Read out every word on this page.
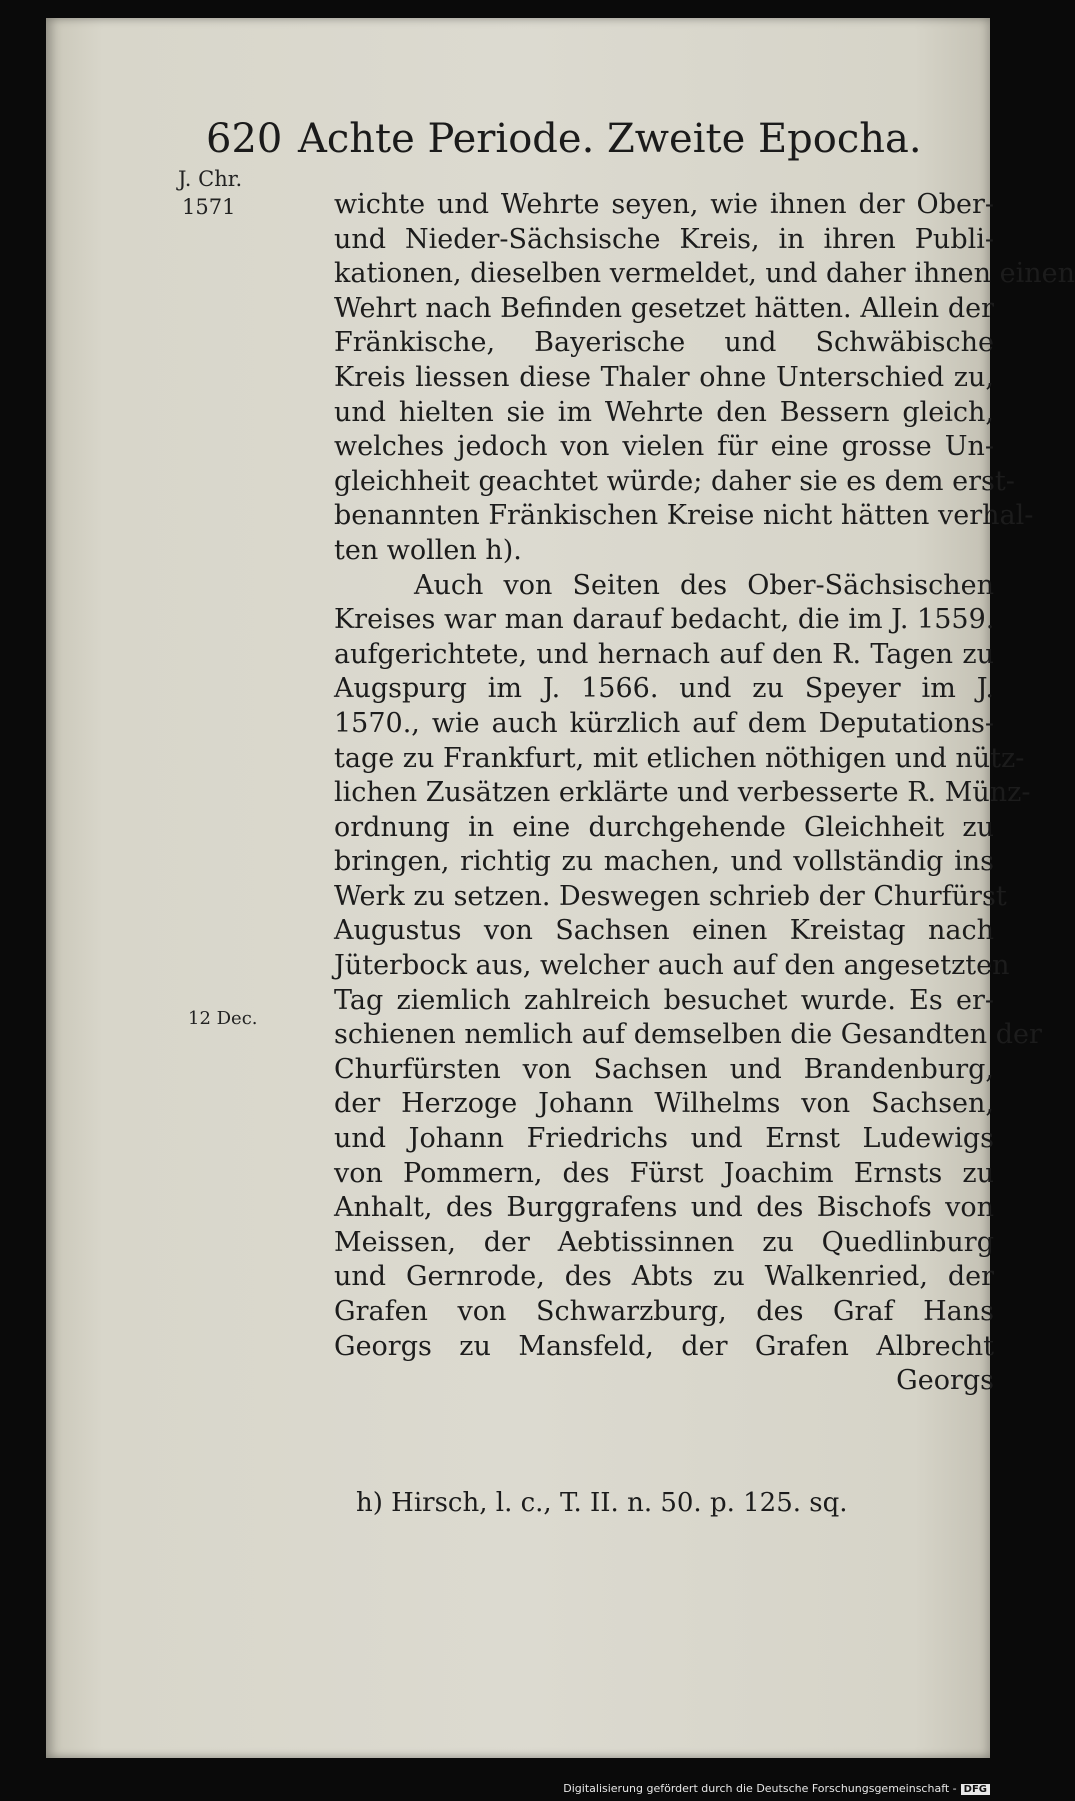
620 Achte Periode. Zweite Epocha.
J. Chr.
1571
12 Dec.
wichte und Wehrte seyen, wie ihnen der Ober-
und Nieder-Sächsische Kreis, in ihren Publi-
kationen, dieselben vermeldet, und daher ihnen einen
Wehrt nach Befinden gesetzet hätten. Allein der
Fränkische, Bayerische und Schwäbische
Kreis liessen diese Thaler ohne Unterschied zu,
und hielten sie im Wehrte den Bessern gleich,
welches jedoch von vielen für eine grosse Un-
gleichheit geachtet würde; daher sie es dem erst-
benannten Fränkischen Kreise nicht hätten verhal-
ten wollen h).
Auch von Seiten des Ober-Sächsischen
Kreises war man darauf bedacht, die im J. 1559.
aufgerichtete, und hernach auf den R. Tagen zu
Augspurg im J. 1566. und zu Speyer im J.
1570., wie auch kürzlich auf dem Deputations-
tage zu Frankfurt, mit etlichen nöthigen und nütz-
lichen Zusätzen erklärte und verbesserte R. Münz-
ordnung in eine durchgehende Gleichheit zu
bringen, richtig zu machen, und vollständig ins
Werk zu setzen. Deswegen schrieb der Churfürst
Augustus von Sachsen einen Kreistag nach
Jüterbock aus, welcher auch auf den angesetzten
Tag ziemlich zahlreich besuchet wurde. Es er-
schienen nemlich auf demselben die Gesandten der
Churfürsten von Sachsen und Brandenburg,
der Herzoge Johann Wilhelms von Sachsen,
und Johann Friedrichs und Ernst Ludewigs
von Pommern, des Fürst Joachim Ernsts zu
Anhalt, des Burggrafens und des Bischofs von
Meissen, der Aebtissinnen zu Quedlinburg
und Gernrode, des Abts zu Walkenried, der
Grafen von Schwarzburg, des Graf Hans
Georgs zu Mansfeld, der Grafen Albrecht
Georgs
h) Hirsch, l. c., T. II. n. 50. p. 125. sq.
Digitalisierung gefördert durch die Deutsche Forschungsgemeinschaft - DFG
